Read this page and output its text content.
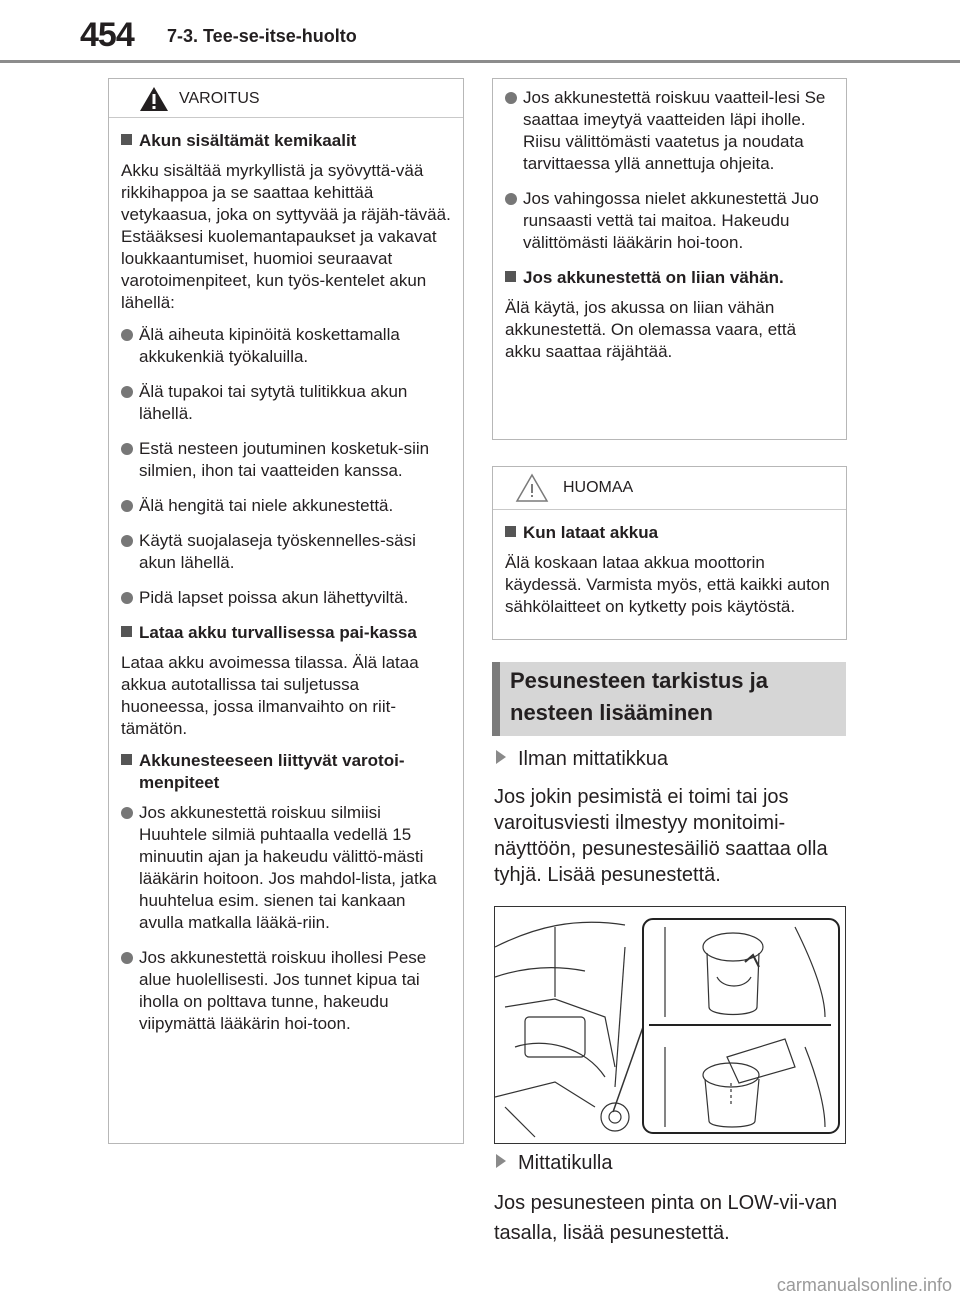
454 7-3. Tee-se-itse-huolto
VAROITUS
Akun sisältämät kemikaalit
Akku sisältää myrkyllistä ja syövyttä-vää rikkihappoa ja se saattaa kehittää vetykaasua, joka on syttyvää ja räjäh-tävää. Estääksesi kuolemantapaukset ja vakavat loukkaantumiset, huomioi seuraavat varotoimenpiteet, kun työs-kentelet akun lähellä:
Älä aiheuta kipinöitä koskettamalla akkukenkiä työkaluilla.
Älä tupakoi tai sytytä tulitikkua akun lähellä.
Estä nesteen joutuminen kosketuk-siin silmien, ihon tai vaatteiden kanssa.
Älä hengitä tai niele akkunestettä.
Käytä suojalaseja työskennelles-säsi akun lähellä.
Pidä lapset poissa akun lähettyviltä.
Lataa akku turvallisessa pai-kassa
Lataa akku avoimessa tilassa. Älä lataa akkua autotallissa tai suljetussa huoneessa, jossa ilmanvaihto on riit-tämätön.
Akkunesteeseen liittyvät varotoi-menpiteet
Jos akkunestettä roiskuu silmiisi Huuhtele silmiä puhtaalla vedellä 15 minuutin ajan ja hakeudu välittö-mästi lääkärin hoitoon. Jos mahdol-lista, jatka huuhtelua esim. sienen tai kankaan avulla matkalla lääkä-riin.
Jos akkunestettä roiskuu ihollesi Pese alue huolellisesti. Jos tunnet kipua tai iholla on polttava tunne, hakeudu viipymättä lääkärin hoi-toon.
Jos akkunestettä roiskuu vaatteil-lesi Se saattaa imeytyä vaatteiden läpi iholle. Riisu välittömästi vaatetus ja noudata tarvittaessa yllä annettuja ohjeita.
Jos vahingossa nielet akkunestettä Juo runsaasti vettä tai maitoa. Hakeudu välittömästi lääkärin hoi-toon.
Jos akkunestettä on liian vähän.
Älä käytä, jos akussa on liian vähän akkunestettä. On olemassa vaara, että akku saattaa räjähtää.
HUOMAA
Kun lataat akkua
Älä koskaan lataa akkua moottorin käydessä. Varmista myös, että kaikki auton sähkölaitteet on kytketty pois käytöstä.
Pesunesteen tarkistus ja
nesteen lisääminen
Ilman mittatikkua
Jos jokin pesimistä ei toimi tai jos varoitusviesti ilmestyy monitoimi-näyttöön, pesunestesäiliö saattaa olla tyhjä. Lisää pesunestettä.
Mittatikulla
Jos pesunesteen pinta on LOW-vii-van tasalla, lisää pesunestettä.
carmanualsonline.info
